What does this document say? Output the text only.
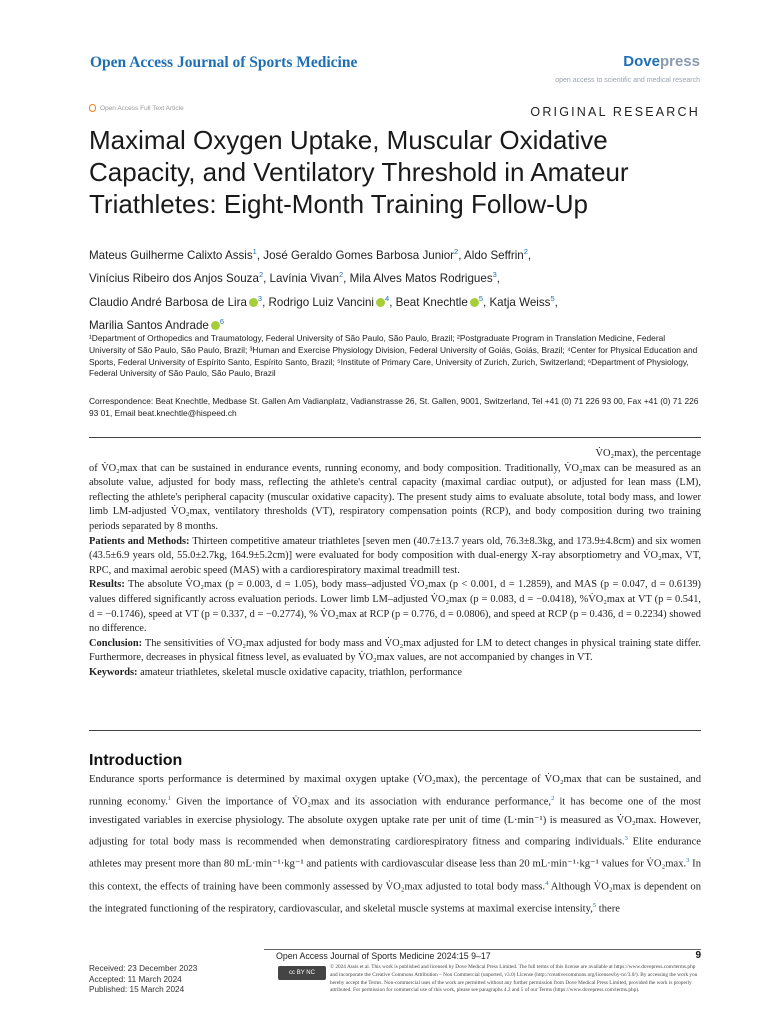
Open Access Journal of Sports Medicine	Dovepress
open access to scientific and medical research
Open Access Full Text Article	ORIGINAL RESEARCH
Maximal Oxygen Uptake, Muscular Oxidative Capacity, and Ventilatory Threshold in Amateur Triathletes: Eight-Month Training Follow-Up
Mateus Guilherme Calixto Assis$^1$, José Geraldo Gomes Barbosa Junior$^2$, Aldo Seffrin$^2$,
Vinícius Ribeiro dos Anjos Souza$^2$, Lavínia Vivan$^2$, Mila Alves Matos Rodrigues$^3$,
Claudio André Barbosa de Lira $^3$, Rodrigo Luiz Vancini $^4$, Beat Knechtle $^5$, Katja Weiss$^5$,
Marilia Santos Andrade $^6$
¹Department of Orthopedics and Traumatology, Federal University of São Paulo, São Paulo, Brazil; ²Postgraduate Program in Translation Medicine, Federal University of São Paulo, São Paulo, Brazil; ³Human and Exercise Physiology Division, Federal University of Goiás, Goiás, Brazil; ⁴Center for Physical Education and Sports, Federal University of Espírito Santo, Espírito Santo, Brazil; ⁵Institute of Primary Care, University of Zurich, Zurich, Switzerland; ⁶Department of Physiology, Federal University of São Paulo, São Paulo, Brazil
Correspondence: Beat Knechtle, Medbase St. Gallen Am Vadianplatz, Vadianstrasse 26, St. Gallen, 9001, Switzerland, Tel +41 (0) 71 226 93 00, Fax +41 (0) 71 226 93 01, Email beat.knechtle@hispeed.ch

V̇O₂max), the percentage

of V̇O₂max that can be sustained in endurance events, running economy, and body composition. Traditionally, V̇O₂max can be measured as an absolute value, adjusted for body mass, reflecting the athlete's central capacity (maximal cardiac output), or adjusted for lean mass (LM), reflecting the athlete's peripheral capacity (muscular oxidative capacity). The present study aims to evaluate absolute, total body mass, and lower limb LM-adjusted V̇O₂max, ventilatory thresholds (VT), respiratory compensation points (RCP), and body composition during two training periods separated by 8 months.

Patients and Methods: Thirteen competitive amateur triathletes [seven men (40.7±13.7 years old, 76.3±8.3kg, and 173.9±4.8cm) and six women (43.5±6.9 years old, 55.0±2.7kg, 164.9±5.2cm)] were evaluated for body composition with dual-energy X-ray absorptiometry and V̇O₂max, VT, RPC, and maximal aerobic speed (MAS) with a cardiorespiratory maximal treadmill test.

Results: The absolute V̇O₂max (p = 0.003, d = 1.05), body mass–adjusted V̇O₂max (p < 0.001, d = 1.2859), and MAS (p = 0.047, d = 0.6139) values differed significantly across evaluation periods. Lower limb LM–adjusted V̇O₂max (p = 0.083, d = −0.0418), %V̇O₂max at VT (p = 0.541, d = −0.1746), speed at VT (p = 0.337, d = −0.2774), % V̇O₂max at RCP (p = 0.776, d = 0.0806), and speed at RCP (p = 0.436, d = 0.2234) showed no difference.

Conclusion: The sensitivities of V̇O₂max adjusted for body mass and V̇O₂max adjusted for LM to detect changes in physical training state differ. Furthermore, decreases in physical fitness level, as evaluated by V̇O₂max values, are not accompanied by changes in VT.

Keywords: amateur triathletes, skeletal muscle oxidative capacity, triathlon, performance

Introduction
Endurance sports performance is determined by maximal oxygen uptake (V̇O₂max), the percentage of V̇O₂max that can be sustained, and running economy.$^1$ Given the importance of V̇O₂max and its association with endurance performance,$^2$ it has become one of the most investigated variables in exercise physiology. The absolute oxygen uptake rate per unit of time (L·min⁻¹) is measured as V̇O₂max. However, adjusting for total body mass is recommended when demonstrating cardiorespiratory fitness and comparing individuals.$^3$ Elite endurance athletes may present more than 80 mL·min⁻¹·kg⁻¹ and patients with cardiovascular disease less than 20 mL·min⁻¹·kg⁻¹ values for V̇O₂max.$^3$ In this context, the effects of training have been commonly assessed by V̇O₂max adjusted to total body mass.$^4$ Although V̇O₂max is dependent on the integrated functioning of the respiratory, cardiovascular, and skeletal muscle systems at maximal exercise intensity,$^5$ there
Open Access Journal of Sports Medicine 2024:15 9–17	9
Received: 23 December 2023
Accepted: 11 March 2024
Published: 15 March 2024
cc BY NC
© 2024 Assis et al. This work is published and licensed by Dove Medical Press Limited. The full terms of this license are available at https://www.dovepress.com/terms.php and incorporate the Creative Commons Attribution – Non Commercial (unported, v3.0) License (http://creativecommons.org/licenses/by-nc/3.0/). By accessing the work you hereby accept the Terms. Non-commercial uses of the work are permitted without any further permission from Dove Medical Press Limited, provided the work is properly attributed. For permission for commercial use of this work, please see paragraphs 4.2 and 5 of our Terms (https://www.dovepress.com/terms.php).
